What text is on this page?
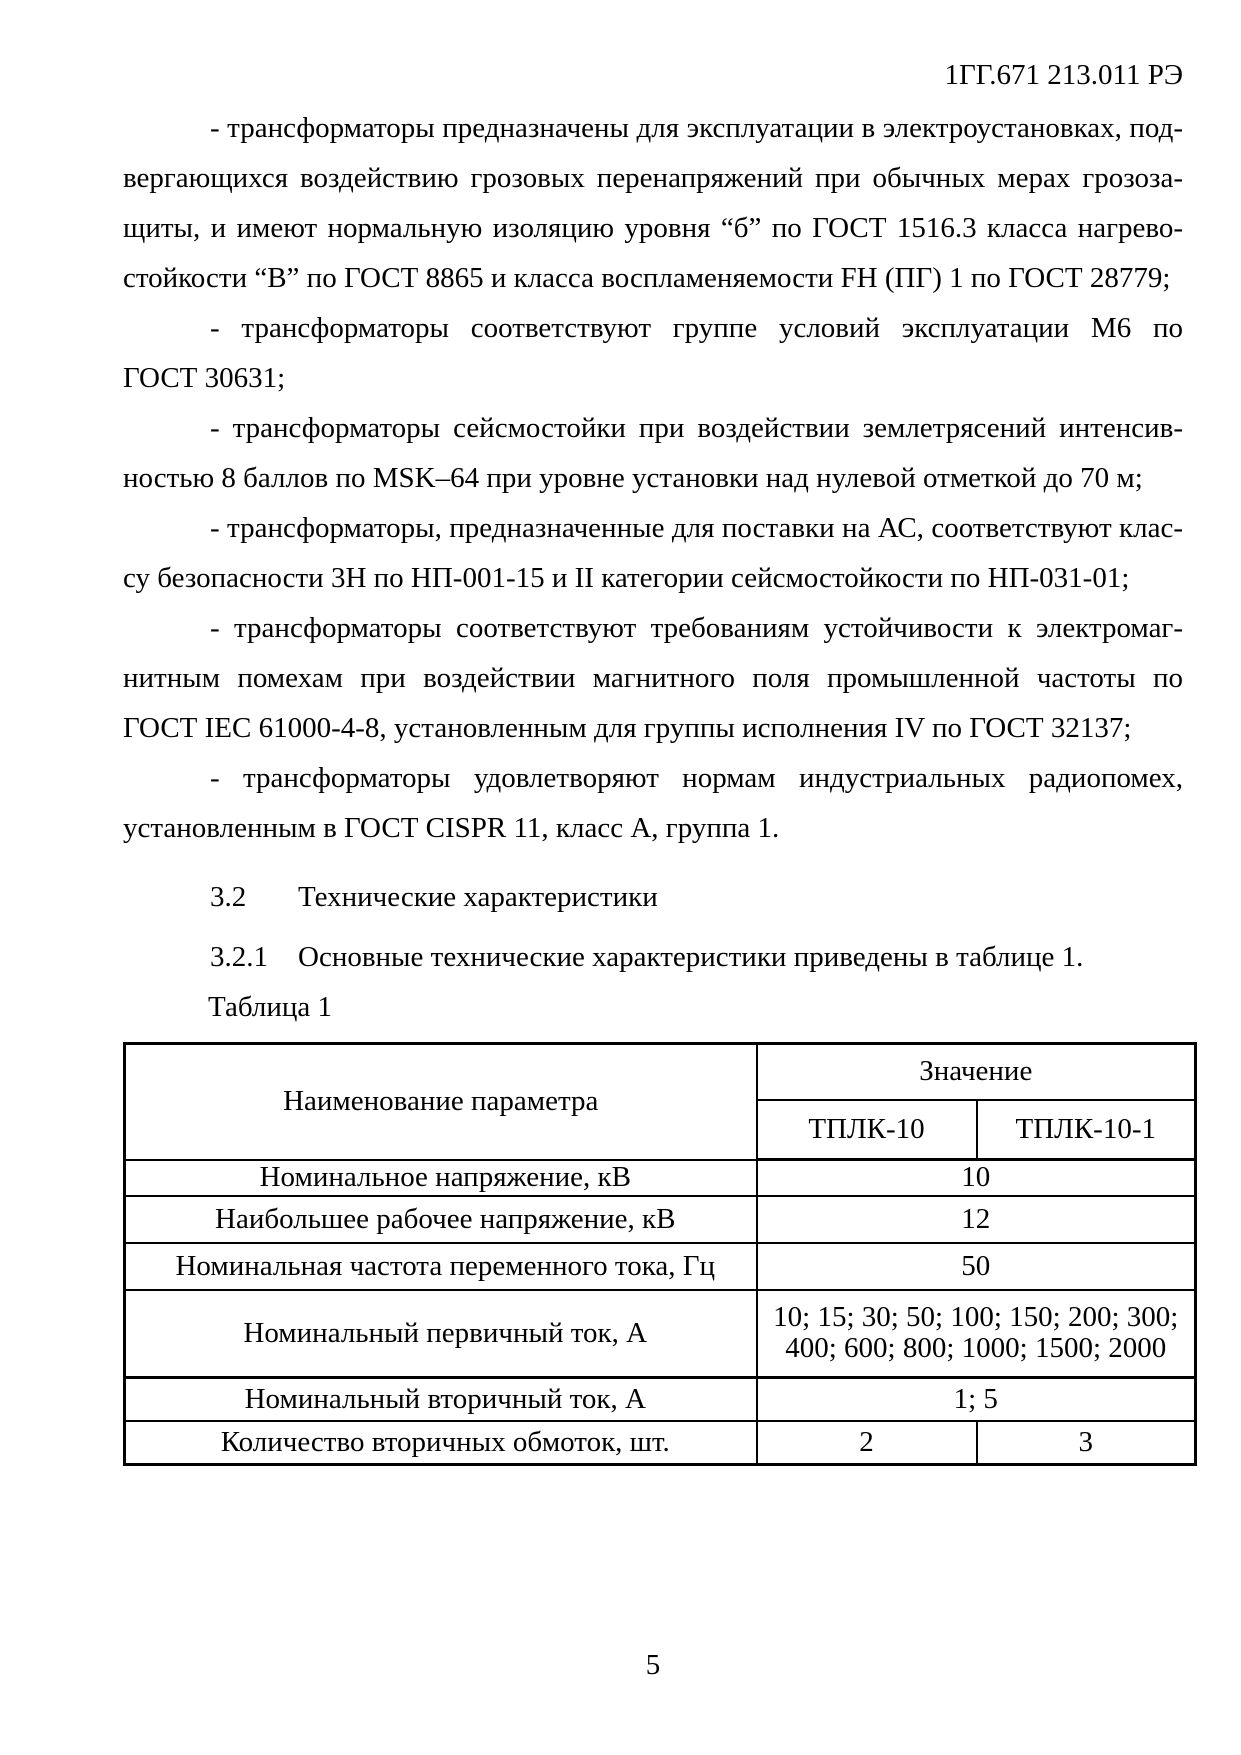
1ГГ.671 213.011 РЭ
- трансформаторы предназначены для эксплуатации в электроустановках, под-
вергающихся воздействию грозовых перенапряжений при обычных мерах грозоза-
щиты, и имеют нормальную изоляцию уровня “б” по ГОСТ 1516.3 класса нагрево-
стойкости “В” по ГОСТ 8865 и класса воспламеняемости FH (ПГ) 1 по ГОСТ 28779;
- трансформаторы соответствуют группе условий эксплуатации М6 по
ГОСТ 30631;
- трансформаторы сейсмостойки при воздействии землетрясений интенсив-
ностью 8 баллов по MSK–64 при уровне установки над нулевой отметкой до 70 м;
- трансформаторы, предназначенные для поставки на АС, соответствуют клас-
су безопасности 3Н по НП-001-15 и II категории сейсмостойкости по НП-031-01;
- трансформаторы соответствуют требованиям устойчивости к электромаг-
нитным помехам при воздействии магнитного поля промышленной частоты по
ГОСТ IEC 61000-4-8, установленным для группы исполнения IV по ГОСТ 32137;
- трансформаторы удовлетворяют нормам индустриальных радиопомех,
установленным в ГОСТ CISPR 11, класс А, группа 1.
3.2 Технические характеристики
3.2.1 Основные технические характеристики приведены в таблице 1.
Таблица 1
Наименование параметра	Значение	
	ТПЛК-10	ТПЛК-10-1
Номинальное напряжение, кВ	10	
Наибольшее рабочее напряжение, кВ	12	
Номинальная частота переменного тока, Гц	50	
Номинальный первичный ток, А	10; 15; 30; 50; 100; 150; 200; 300;
400; 600; 800; 1000; 1500; 2000	

Номинальный вторичный ток, А	1; 5	
Количество вторичных обмоток, шт.	2	3
5
